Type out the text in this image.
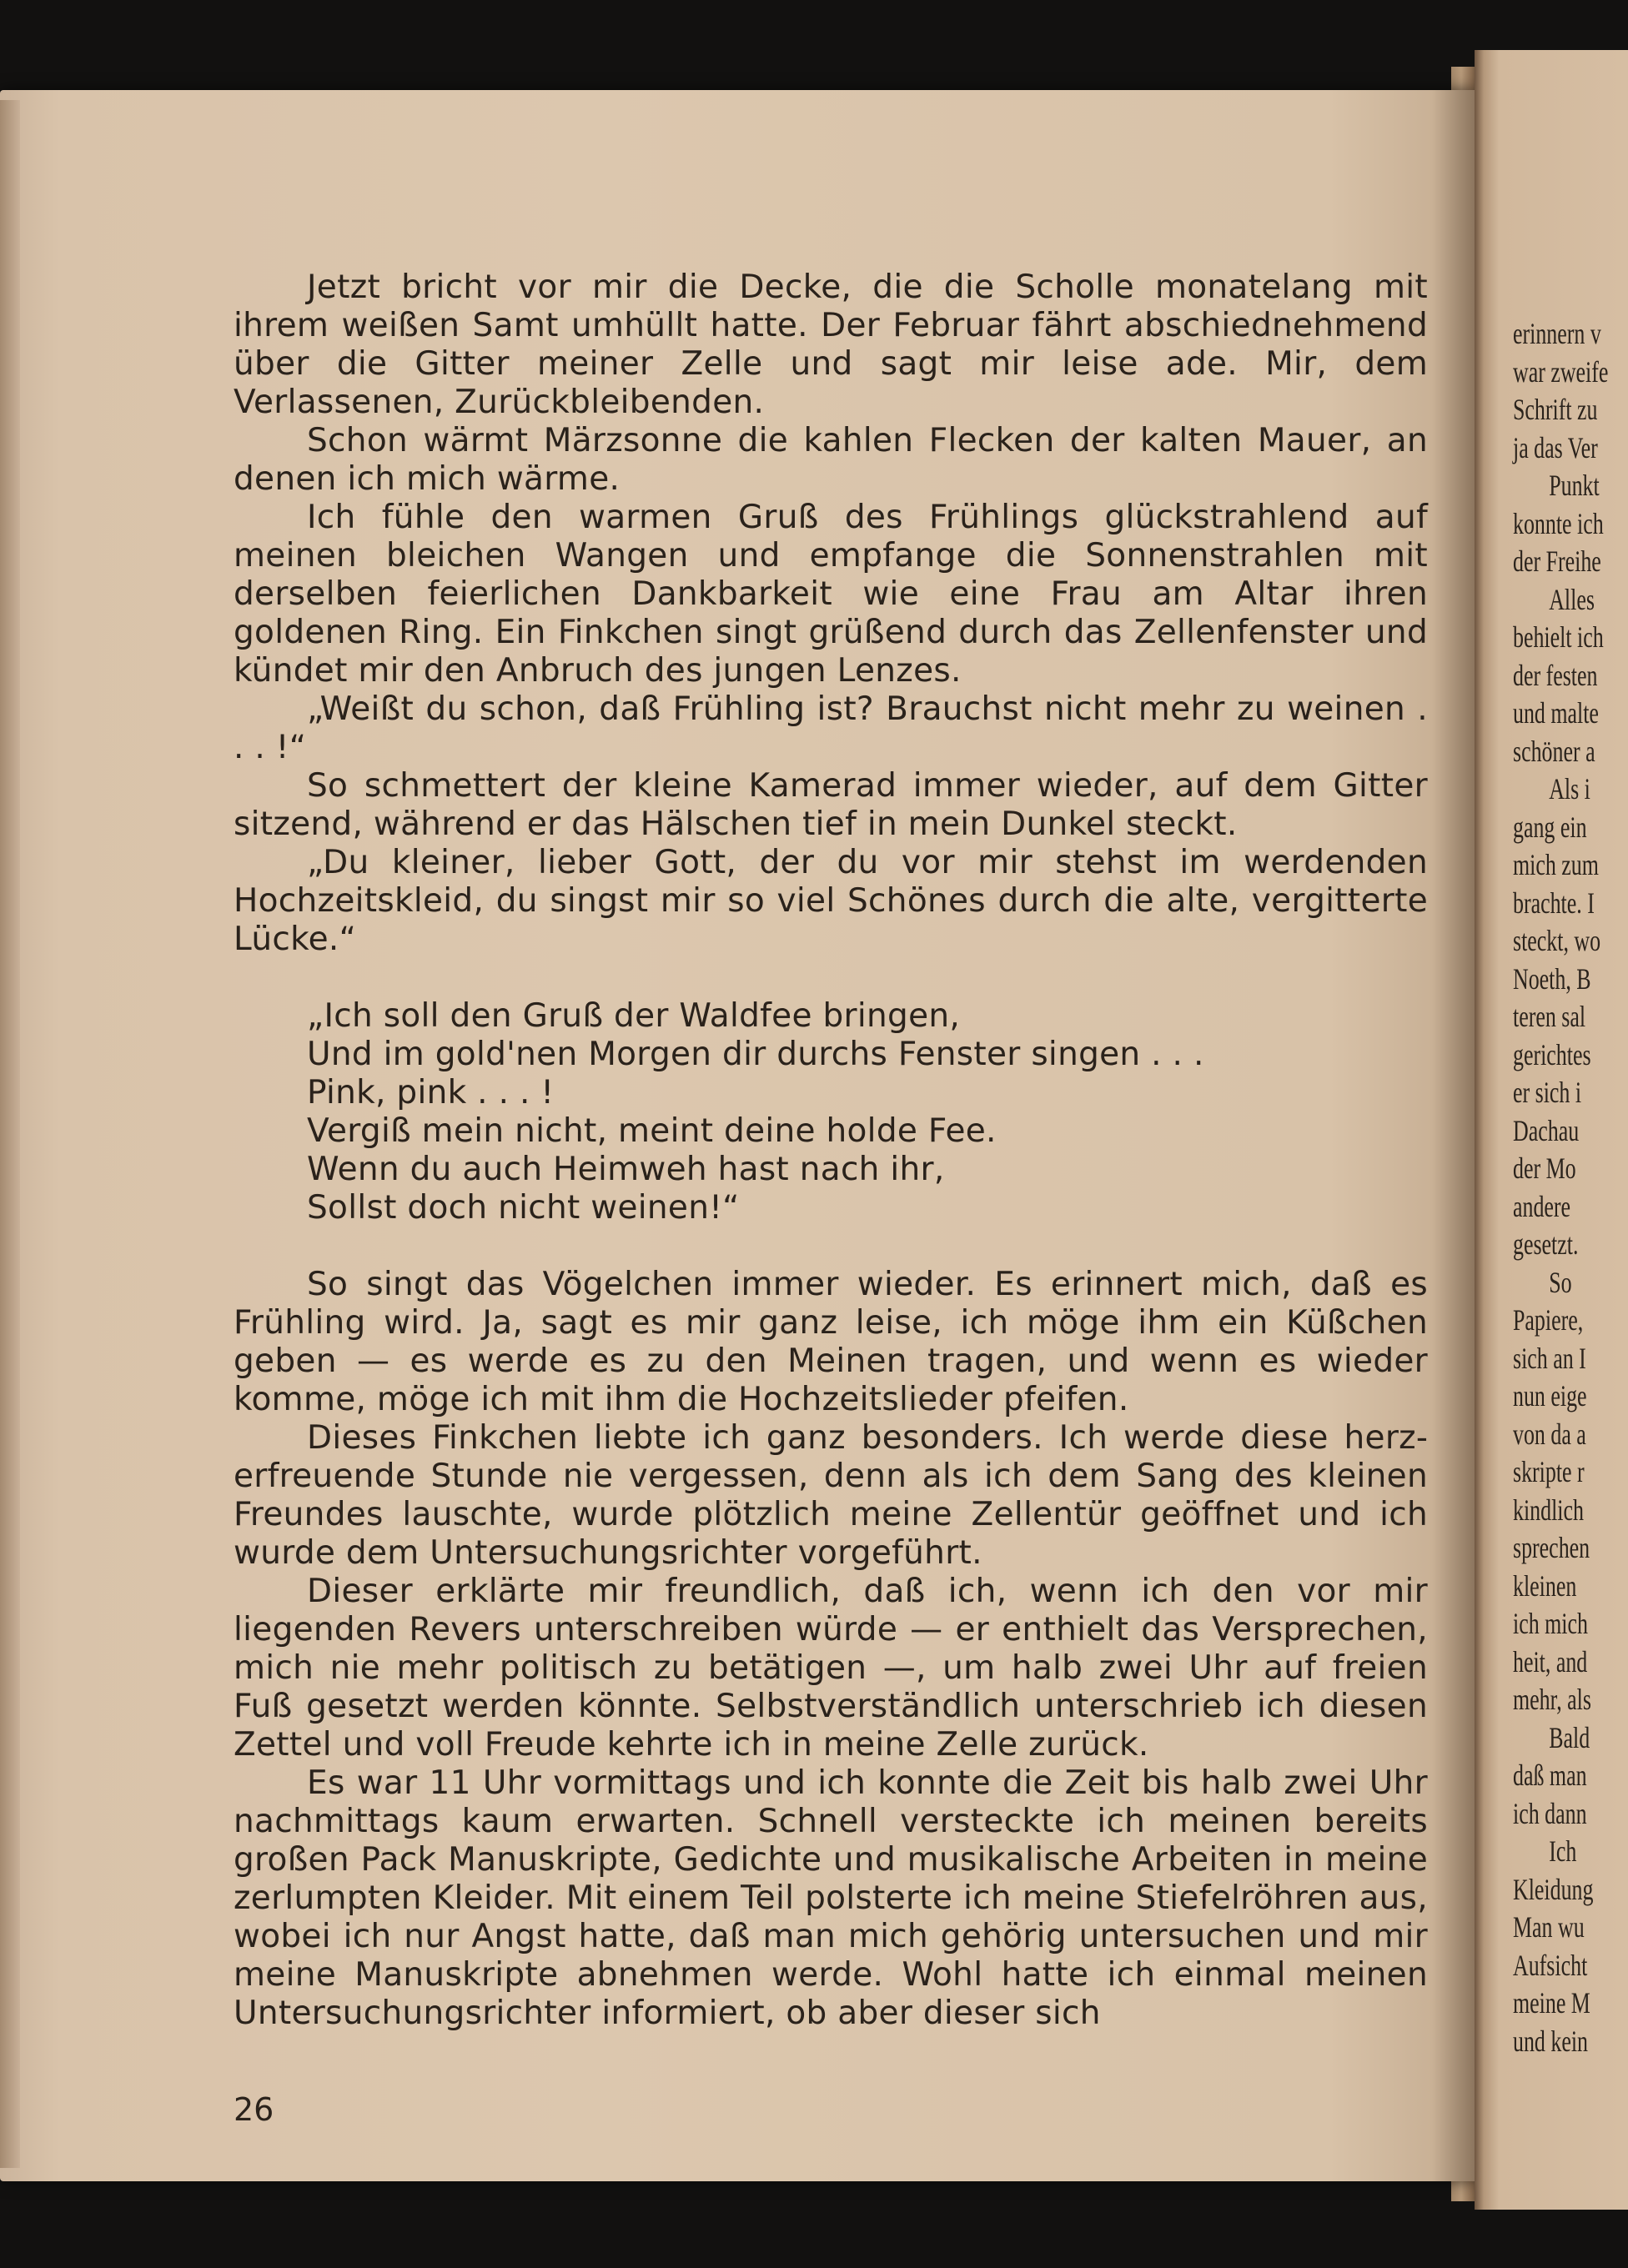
Jetzt bricht vor mir die Decke, die die Scholle monatelang mit ihrem weißen Samt umhüllt hatte. Der Februar fährt abschiednehmend über die Gitter meiner Zelle und sagt mir leise ade. Mir, dem Verlassenen, Zurückbleibenden.

Schon wärmt Märzsonne die kahlen Flecken der kalten Mauer, an denen ich mich wärme.

Ich fühle den warmen Gruß des Frühlings glückstrahlend auf meinen bleichen Wangen und empfange die Sonnenstrahlen mit derselben feierlichen Dankbarkeit wie eine Frau am Altar ihren goldenen Ring. Ein Finkchen singt grüßend durch das Zellenfenster und kündet mir den Anbruch des jungen Lenzes.

„Weißt du schon, daß Frühling ist? Brauchst nicht mehr zu weinen . . . !“

So schmettert der kleine Kamerad immer wieder, auf dem Gitter sitzend, während er das Hälschen tief in mein Dunkel steckt.

„Du kleiner, lieber Gott, der du vor mir stehst im werdenden Hochzeitskleid, du singst mir so viel Schönes durch die alte, vergitterte Lücke.“

„Ich soll den Gruß der Waldfee bringen,
Und im gold'nen Morgen dir durchs Fenster singen . . .
Pink, pink . . . !
Vergiß mein nicht, meint deine holde Fee.
Wenn du auch Heimweh hast nach ihr,
Sollst doch nicht weinen!“

So singt das Vögelchen immer wieder. Es erinnert mich, daß es Frühling wird. Ja, sagt es mir ganz leise, ich möge ihm ein Küßchen geben — es werde es zu den Meinen tragen, und wenn es wieder komme, möge ich mit ihm die Hochzeitslieder pfeifen.

Dieses Finkchen liebte ich ganz besonders. Ich werde diese herzerfreuende Stunde nie vergessen, denn als ich dem Sang des kleinen Freundes lauschte, wurde plötzlich meine Zellentür geöffnet und ich wurde dem Untersuchungsrichter vorgeführt.

Dieser erklärte mir freundlich, daß ich, wenn ich den vor mir liegenden Revers unterschreiben würde — er enthielt das Versprechen, mich nie mehr politisch zu betätigen —, um halb zwei Uhr auf freien Fuß gesetzt werden könnte. Selbstverständlich unterschrieb ich diesen Zettel und voll Freude kehrte ich in meine Zelle zurück.

Es war 11 Uhr vormittags und ich konnte die Zeit bis halb zwei Uhr nachmittags kaum erwarten. Schnell versteckte ich meinen bereits großen Pack Manuskripte, Gedichte und musikalische Arbeiten in meine zerlumpten Kleider. Mit einem Teil polsterte ich meine Stiefelröhren aus, wobei ich nur Angst hatte, daß man mich gehörig untersuchen und mir meine Manuskripte abnehmen werde. Wohl hatte ich einmal meinen Untersuchungsrichter informiert, ob aber dieser sich

26
erinnern v
war zweife
Schrift zu
ja das Ver
Punkt
konnte ich
der Freihe
Alles
behielt ich
der festen
und malte
schöner a
Als i
gang ein
mich zum
brachte. I
steckt, wo
Noeth, B
teren sal
gerichtes
er sich i
Dachau
der Mo
andere
gesetzt.
So
Papiere,
sich an I
nun eige
von da a
skripte r
kindlich
sprechen
kleinen
ich mich
heit, and
mehr, als
Bald
daß man
ich dann
Ich
Kleidung
Man wu
Aufsicht
meine M
und kein
